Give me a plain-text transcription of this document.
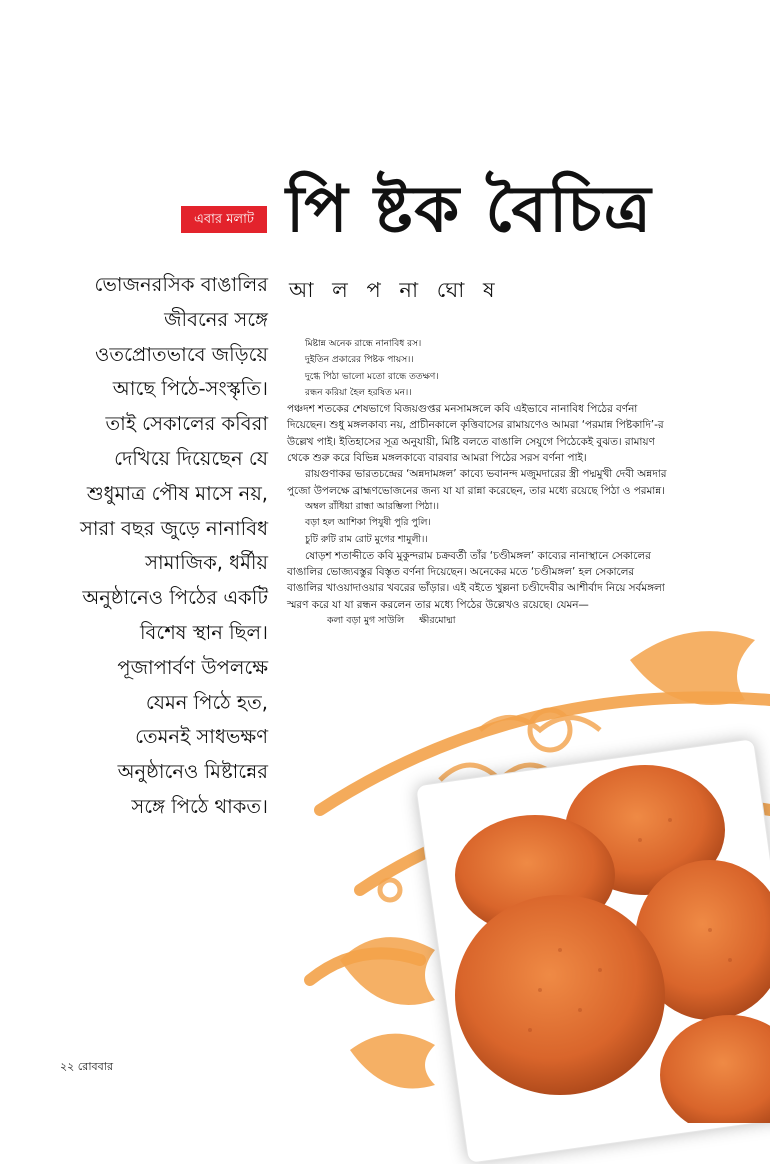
এবার মলাট পি ষ্টক বৈচিত্র
আ ল প না ঘো ষ
ভোজনরসিক বাঙালির
জীবনের সঙ্গে
ওতপ্রোতভাবে জড়িয়ে
আছে পিঠে-সংস্কৃতি।
তাই সেকালের কবিরা
দেখিয়ে দিয়েছেন যে
শুধুমাত্র পৌষ মাসে নয়,
সারা বছর জুড়ে নানাবিধ
সামাজিক, ধর্মীয়
অনুষ্ঠানেও পিঠের একটি
বিশেষ স্থান ছিল।
পূজাপার্বণ উপলক্ষে
যেমন পিঠে হত,
তেমনই সাধভক্ষণ
অনুষ্ঠানেও মিষ্টান্নের
সঙ্গে পিঠে থাকত।
মিষ্টান্ন অনেক রান্ধে নানাবিধ রস।
দুইতিন প্রকারের পিষ্টক পায়স।।
দুগ্ধে পিঠা ভালো মতো রান্ধে ততক্ষণ।
রন্ধন করিয়া হৈল হরষিত মন।।

পঞ্চদশ শতকের শেষভাগে বিজয়গুপ্তর মনসামঙ্গলে কবি এইভাবে নানাবিধ পিঠের বর্ণনা দিয়েছেন। শুধু মঙ্গলকাব্য নয়, প্রাচীনকালে কৃত্তিবাসের রামায়ণেও আমরা ‘পরমান্ন পিষ্টকাদি’-র উল্লেখ পাই। ইতিহাসের সূত্র অনুযায়ী, মিষ্টি বলতে বাঙালি সেযুগে পিঠেকেই বুঝত। রামায়ণ থেকে শুরু করে বিভিন্ন মঙ্গলকাব্যে বারবার আমরা পিঠের সরস বর্ণনা পাই।

রায়গুণাকর ভারতচন্দ্রের ‘অন্নদামঙ্গল’ কাব্যে ভবানন্দ মজুমদারের স্ত্রী পদ্মমুখী দেবী অন্নদার পুজো উপলক্ষে ব্রাহ্মণভোজনের জন্য যা যা রান্না করেছেন, তার মধ্যে রয়েছে পিঠা ও পরমান্ন।

অম্বল রাঁধিয়া রান্ধা আরম্ভিলা পিঠা।।
বড়া হল আশিকা পিযুষী পুরি পুলি।
চুটি রুটি রাম রোট মুগের শামুলী।।

ষোড়শ শতাব্দীতে কবি মুকুন্দরাম চক্রবর্তী তাঁর ‘চণ্ডীমঙ্গল’ কাব্যের নানাস্থানে সেকালের বাঙালির ভোজ্যবস্তুর বিস্তৃত বর্ণনা দিয়েছেন। অনেকের মতে ‘চণ্ডীমঙ্গল’ হল সেকালের বাঙালির খাওয়াদাওয়ার খবরের ভাঁড়ার। এই বইতে খুল্লনা চণ্ডীদেবীর আশীর্বাদ নিয়ে সর্বমঙ্গলা স্মরণ করে যা যা রন্ধন করলেন তার মধ্যে পিঠের উল্লেখও রয়েছে। যেমন—

কলা বড়া মুগ সাউলি ক্ষীরমোদ্মা
২২ রোববার
